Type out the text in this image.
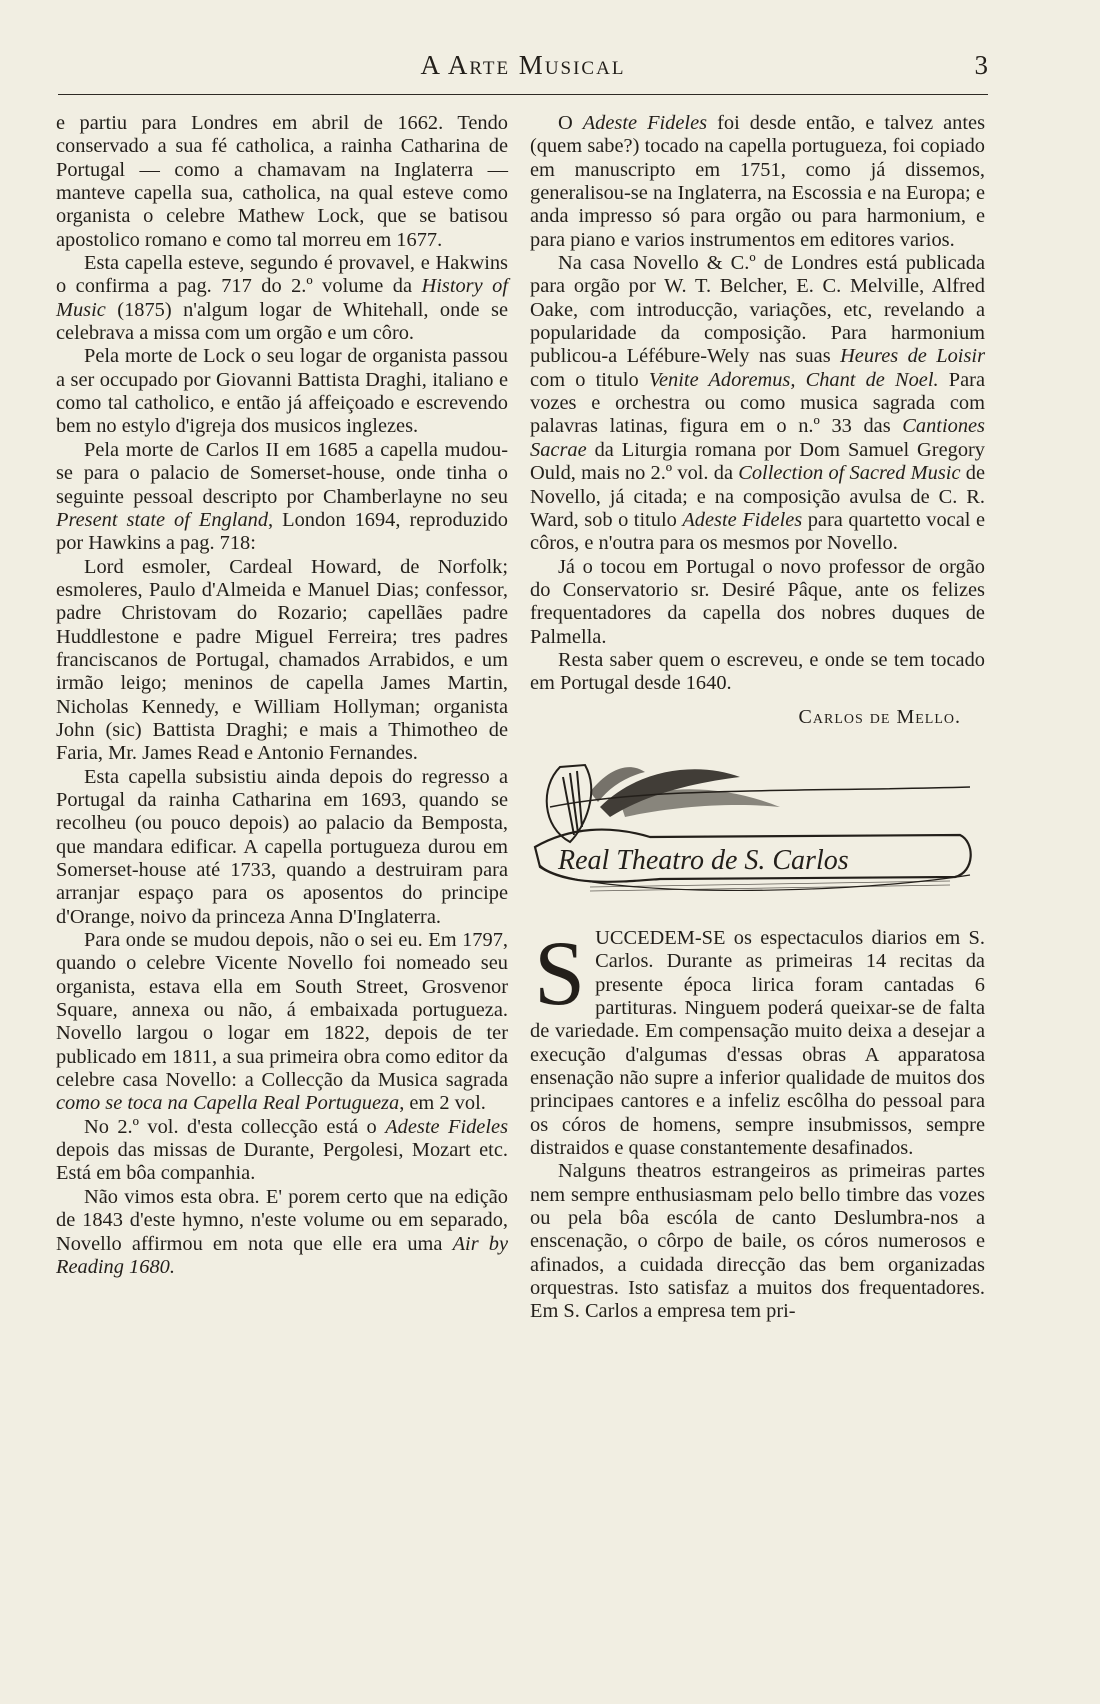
A Arte Musical	3

e partiu para Londres em abril de 1662. Tendo conservado a sua fé catholica, a rainha Catharina de Portugal — como a chamavam na Inglaterra — manteve capella sua, catholica, na qual esteve como organista o celebre Mathew Lock, que se batisou apostolico romano e como tal morreu em 1677.

Esta capella esteve, segundo é provavel, e Hakwins o confirma a pag. 717 do 2.º volume da History of Music (1875) n'algum logar de Whitehall, onde se celebrava a missa com um orgão e um côro.

Pela morte de Lock o seu logar de organista passou a ser occupado por Giovanni Battista Draghi, italiano e como tal catholico, e então já affeiçoado e escrevendo bem no estylo d'igreja dos musicos inglezes.

Pela morte de Carlos II em 1685 a capella mudou-se para o palacio de Somerset-house, onde tinha o seguinte pessoal descripto por Chamberlayne no seu Present state of England, London 1694, reproduzido por Hawkins a pag. 718:

Lord esmoler, Cardeal Howard, de Norfolk; esmoleres, Paulo d'Almeida e Manuel Dias; confessor, padre Christovam do Rozario; capellães padre Huddlestone e padre Miguel Ferreira; tres padres franciscanos de Portugal, chamados Arrabidos, e um irmão leigo; meninos de capella James Martin, Nicholas Kennedy, e William Hollyman; organista John (sic) Battista Draghi; e mais a Thimotheo de Faria, Mr. James Read e Antonio Fernandes.

Esta capella subsistiu ainda depois do regresso a Portugal da rainha Catharina em 1693, quando se recolheu (ou pouco depois) ao palacio da Bemposta, que mandara edificar. A capella portugueza durou em Somerset-house até 1733, quando a destruiram para arranjar espaço para os aposentos do principe d'Orange, noivo da princeza Anna D'Inglaterra.

Para onde se mudou depois, não o sei eu. Em 1797, quando o celebre Vicente Novello foi nomeado seu organista, estava ella em South Street, Grosvenor Square, annexa ou não, á embaixada portugueza. Novello largou o logar em 1822, depois de ter publicado em 1811, a sua primeira obra como editor da celebre casa Novello: a Collecção da Musica sagrada como se toca na Capella Real Portugueza, em 2 vol.

No 2.º vol. d'esta collecção está o Adeste Fideles depois das missas de Durante, Pergolesi, Mozart etc. Está em bôa companhia.

Não vimos esta obra. E' porem certo que na edição de 1843 d'este hymno, n'este volume ou em separado, Novello affirmou em nota que elle era uma Air by Reading 1680.

O Adeste Fideles foi desde então, e talvez antes (quem sabe?) tocado na capella portugueza, foi copiado em manuscripto em 1751, como já dissemos, generalisou-se na Inglaterra, na Escossia e na Europa; e anda impresso só para orgão ou para harmonium, e para piano e varios instrumentos em editores varios.

Na casa Novello & C.º de Londres está publicada para orgão por W. T. Belcher, E. C. Melville, Alfred Oake, com introducção, variações, etc, revelando a popularidade da composição. Para harmonium publicou-a Léfébure-Wely nas suas Heures de Loisir com o titulo Venite Adoremus, Chant de Noel. Para vozes e orchestra ou como musica sagrada com palavras latinas, figura em o n.º 33 das Cantiones Sacrae da Liturgia romana por Dom Samuel Gregory Ould, mais no 2.º vol. da Collection of Sacred Music de Novello, já citada; e na composição avulsa de C. R. Ward, sob o titulo Adeste Fideles para quartetto vocal e côros, e n'outra para os mesmos por Novello.

Já o tocou em Portugal o novo professor de orgão do Conservatorio sr. Desiré Pâque, ante os felizes frequentadores da capella dos nobres duques de Palmella.

Resta saber quem o escreveu, e onde se tem tocado em Portugal desde 1640.

Carlos de Mello.
Real Theatro de S. Carlos

SUCCEDEM-SE os espectaculos diarios em S. Carlos. Durante as primeiras 14 recitas da presente época lirica foram cantadas 6 partituras. Ninguem poderá queixar-se de falta de variedade. Em compensação muito deixa a desejar a execução d'algumas d'essas obras A apparatosa ensenação não supre a inferior qualidade de muitos dos principaes cantores e a infeliz escôlha do pessoal para os córos de homens, sempre insubmissos, sempre distraidos e quase constantemente desafinados.

Nalguns theatros estrangeiros as primeiras partes nem sempre enthusiasmam pelo bello timbre das vozes ou pela bôa escóla de canto Deslumbra-nos a enscenação, o côrpo de baile, os córos numerosos e afinados, a cuidada direcção das bem organizadas orquestras. Isto satisfaz a muitos dos frequentadores. Em S. Carlos a empresa tem pri-
